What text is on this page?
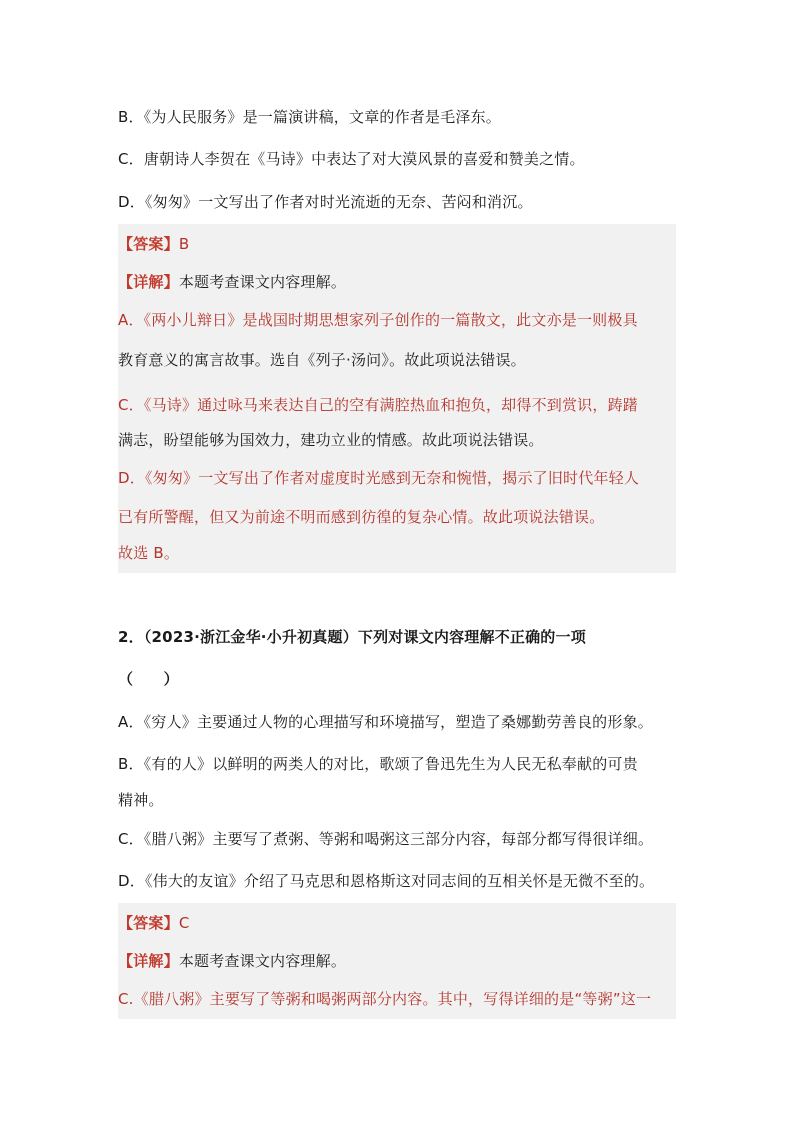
B．《为人民服务》是一篇演讲稿，文章的作者是毛泽东。
C．唐朝诗人李贺在《马诗》中表达了对大漠风景的喜爱和赞美之情。
D．《匆匆》一文写出了作者对时光流逝的无奈、苦闷和消沉。
【答案】B
【详解】本题考查课文内容理解。
A．《两小儿辩日》是战国时期思想家列子创作的一篇散文，此文亦是一则极具
教育意义的寓言故事。选自《列子·汤问》。故此项说法错误。
C．《马诗》通过咏马来表达自己的空有满腔热血和抱负，却得不到赏识，踌躇
满志，盼望能够为国效力，建功立业的情感。故此项说法错误。
D．《匆匆》一文写出了作者对虚度时光感到无奈和惋惜，揭示了旧时代年轻人
已有所警醒，但又为前途不明而感到彷徨的复杂心情。故此项说法错误。
故选 B。
2．（2023·浙江金华·小升初真题）下列对课文内容理解不正确的一项
（　　）
A．《穷人》主要通过人物的心理描写和环境描写，塑造了桑娜勤劳善良的形象。
B．《有的人》以鲜明的两类人的对比，歌颂了鲁迅先生为人民无私奉献的可贵
精神。
C．《腊八粥》主要写了煮粥、等粥和喝粥这三部分内容，每部分都写得很详细。
D．《伟大的友谊》介绍了马克思和恩格斯这对同志间的互相关怀是无微不至的。
【答案】C
【详解】本题考查课文内容理解。
C.《腊八粥》主要写了等粥和喝粥两部分内容。其中，写得详细的是“等粥”这一
